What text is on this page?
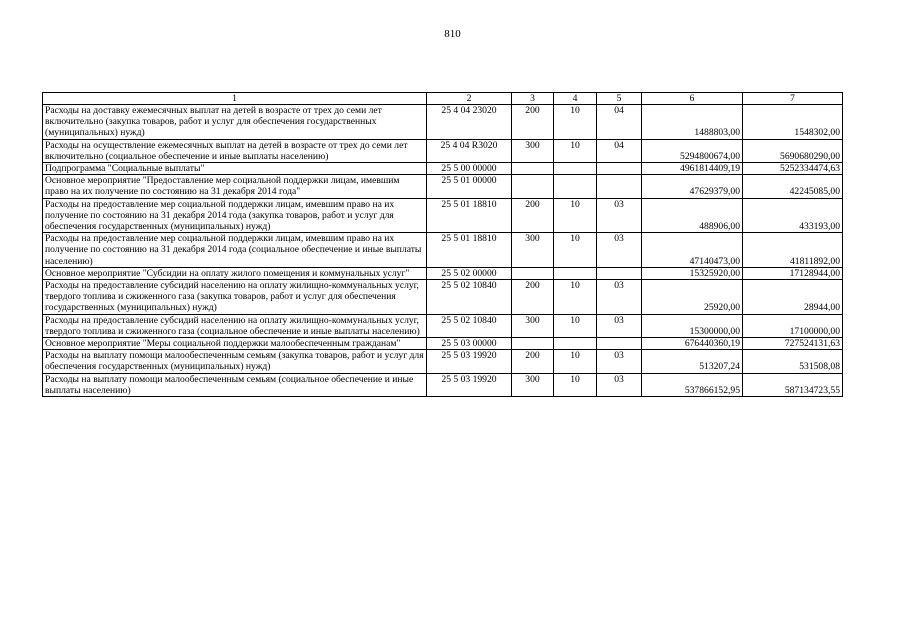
810
1	2	3	4	5	6	7
Расходы на доставку ежемесячных выплат на детей в возрасте от трех до семи лет включительно (закупка товаров, работ и услуг для обеспечения государственных (муниципальных) нужд)	25 4 04 23020	200	10	04	1488803,00	1548302,00
Расходы на осуществление ежемесячных выплат на детей в возрасте от трех до семи лет включительно (социальное обеспечение и иные выплаты населению)	25 4 04 R3020	300	10	04	5294800674,00	5690680290,00
Подпрограмма "Социальные выплаты"	25 5 00 00000				4961814409,19	5252334474,63
Основное мероприятие "Предоставление мер социальной поддержки лицам, имевшим право на их получение по состоянию на 31 декабря 2014 года"	25 5 01 00000				47629379,00	42245085,00
Расходы на предоставление мер социальной поддержки лицам, имевшим право на их получение по состоянию на 31 декабря 2014 года (закупка товаров, работ и услуг для обеспечения государственных (муниципальных) нужд)	25 5 01 18810	200	10	03	488906,00	433193,00
Расходы на предоставление мер социальной поддержки лицам, имевшим право на их получение по состоянию на 31 декабря 2014 года (социальное обеспечение и иные выплаты населению)	25 5 01 18810	300	10	03	47140473,00	41811892,00
Основное мероприятие "Субсидии на оплату жилого помещения и коммунальных услуг"	25 5 02 00000				15325920,00	17128944,00
Расходы на предоставление субсидий населению на оплату жилищно-коммунальных услуг, твердого топлива и сжиженного газа (закупка товаров, работ и услуг для обеспечения государственных (муниципальных) нужд)	25 5 02 10840	200	10	03	25920,00	28944,00
Расходы на предоставление субсидий населению на оплату жилищно-коммунальных услуг, твердого топлива и сжиженного газа (социальное обеспечение и иные выплаты населению)	25 5 02 10840	300	10	03	15300000,00	17100000,00
Основное мероприятие "Меры социальной поддержки малообеспеченным гражданам"	25 5 03 00000				676440360,19	727524131,63
Расходы на выплату помощи малообеспеченным семьям (закупка товаров, работ и услуг для обеспечения государственных (муниципальных) нужд)	25 5 03 19920	200	10	03	513207,24	531508,08
Расходы на выплату помощи малообеспеченным семьям (социальное обеспечение и иные выплаты населению)	25 5 03 19920	300	10	03	537866152,95	587134723,55
